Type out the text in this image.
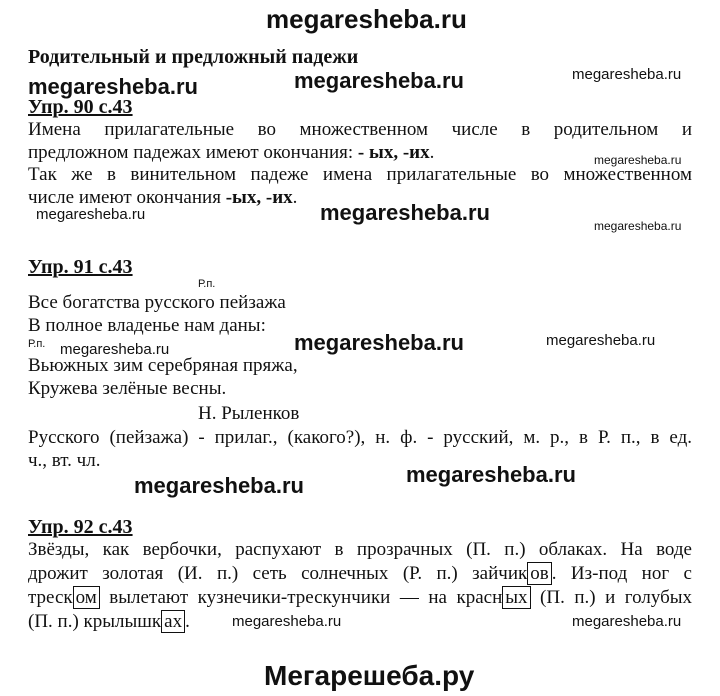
megaresheba.ru
Родительный и предложный падежи
megaresheba.ru	megaresheba.ru	megaresheba.ru
Упр. 90 с.43
Имена прилагательные во множественном числе в родительном и
предложном падежах имеют окончания: - ых, -их.	megaresheba.ru
Так же в винительном падеже имена прилагательные во множественном
числе имеют окончания -ых, -их.
megaresheba.ru	megaresheba.ru
megaresheba.ru
Упр. 91 с.43
Р.п.
Все богатства русского пейзажа
В полное владенье нам даны:
Р.п. megaresheba.ru	megaresheba.ru	megaresheba.ru
Вьюжных зим серебряная пряжа,
Кружева зелёные весны.
Н. Рыленков
Русского (пейзажа) - прилаг., (какого?), н. ф. - русский, м. р., в Р. п., в ед.
ч., вт. чл.
megaresheba.ru
megaresheba.ru
Упр. 92 с.43
Звёзды, как вербочки, распухают в прозрачных (П. п.) облаках. На воде
дрожит золотая (И. п.) сеть солнечных (Р. п.) зайчик ов . Из-под ног с
треск ом вылетают кузнечики-трескунчики — на красн ых (П. п.) и голубых
(П. п.) крылышк ах .	megaresheba.ru	megaresheba.ru
Мегарешеба.ру
